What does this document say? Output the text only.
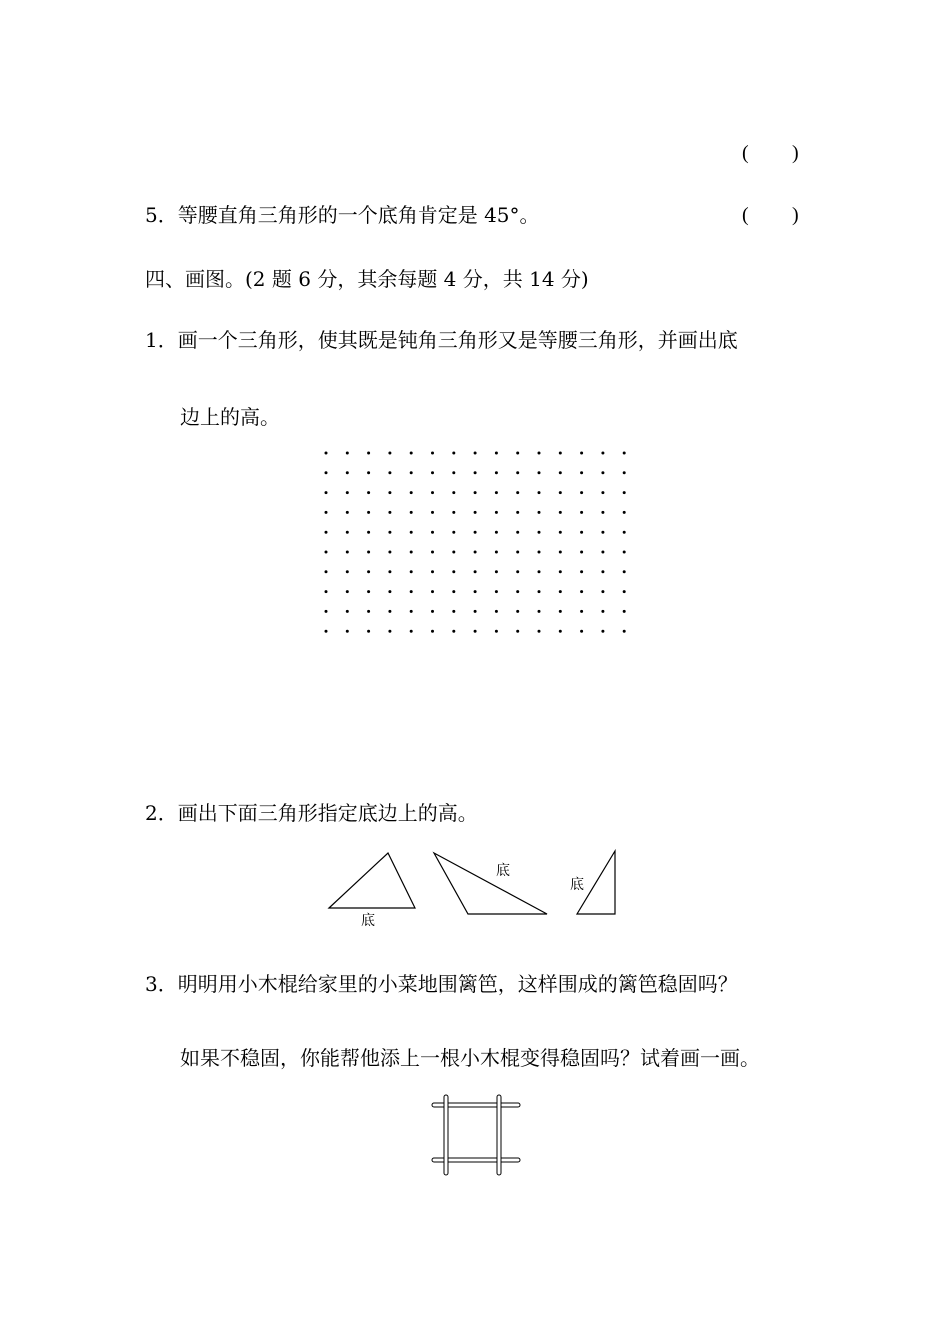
( )
5．等腰直角三角形的一个底角肯定是 45°。	( )
四、画图。(2 题 6 分，其余每题 4 分，共 14 分)
1．画一个三角形，使其既是钝角三角形又是等腰三角形，并画出底
边上的高。
2．画出下面三角形指定底边上的高。
底
底
底
3．明明用小木棍给家里的小菜地围篱笆，这样围成的篱笆稳固吗？
如果不稳固，你能帮他添上一根小木棍变得稳固吗？试着画一画。
